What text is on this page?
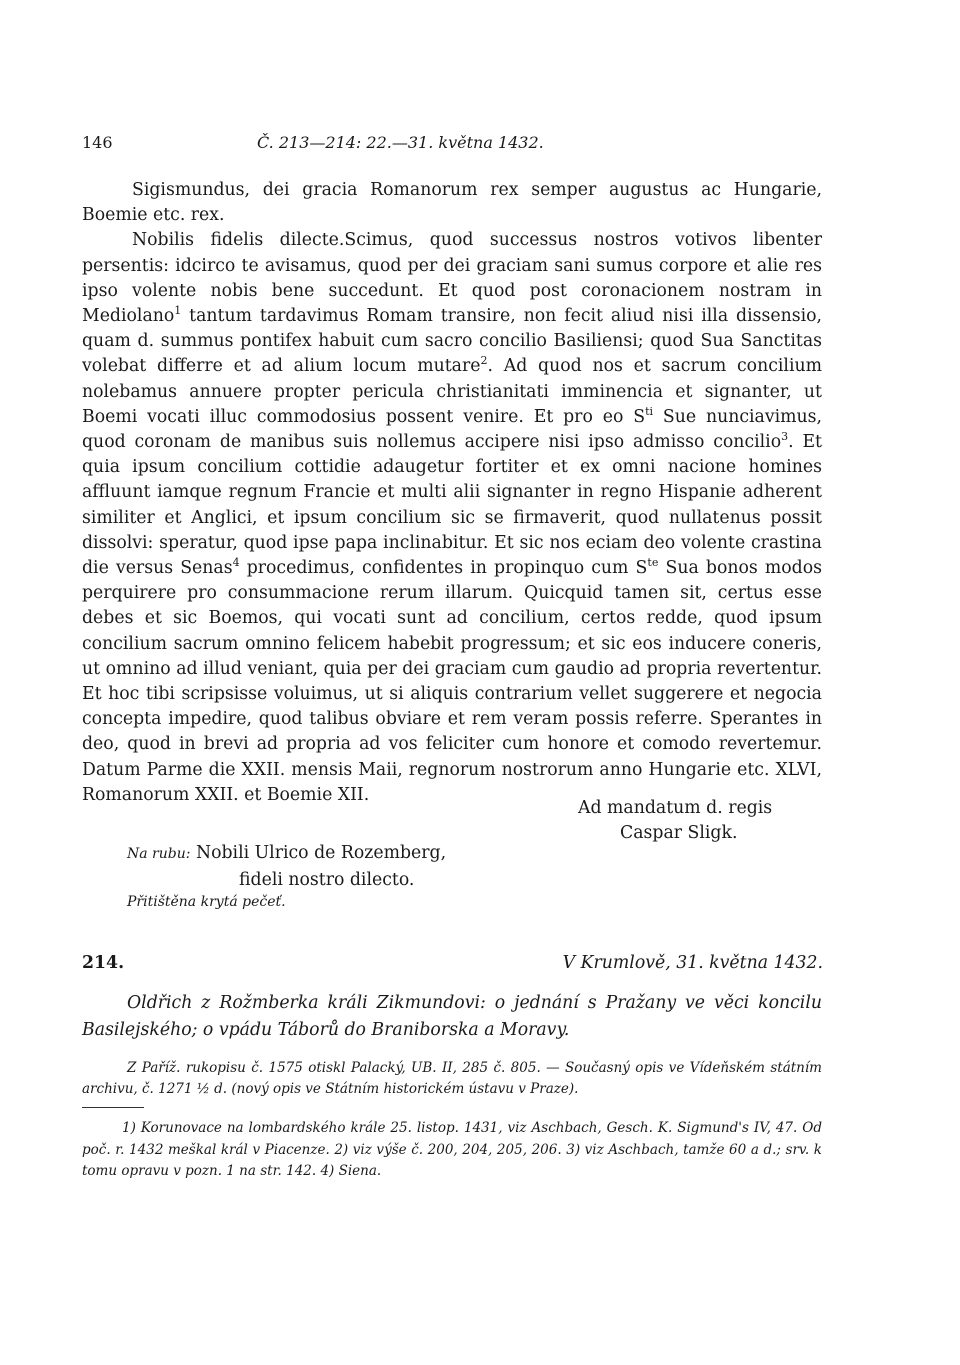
146	Č. 213—214: 22.—31. května 1432.

Sigismundus, dei gracia Romanorum rex semper augustus ac Hungarie, Boemie etc. rex.

Nobilis fidelis dilecte.Scimus, quod successus nostros votivos libenter persentis: idcirco te avisamus, quod per dei graciam sani sumus corpore et alie res ipso volente nobis bene succedunt. Et quod post coronacionem nostram in Mediolano$^1$ tantum tardavimus Romam transire, non fecit aliud nisi illa dissensio, quam d. summus pontifex habuit cum sacro concilio Basiliensi; quod Sua Sanctitas volebat differre et ad alium locum mutare$^2$. Ad quod nos et sacrum concilium nolebamus annuere propter pericula christianitati imminencia et signanter, ut Boemi vocati illuc commodosius possent venire. Et pro eo $S^{ti}$ Sue nunciavimus, quod coronam de manibus suis nollemus accipere nisi ipso admisso concilio$^3$. Et quia ipsum concilium cottidie adaugetur fortiter et ex omni nacione homines affluunt iamque regnum Francie et multi alii signanter in regno Hispanie adherent similiter et Anglici, et ipsum concilium sic se firmaverit, quod nullatenus possit dissolvi: speratur, quod ipse papa inclinabitur. Et sic nos eciam deo volente crastina die versus Senas$^4$ procedimus, confidentes in propinquo cum $S^{te}$ Sua bonos modos perquirere pro consummacione rerum illarum. Quicquid tamen sit, certus esse debes et sic Boemos, qui vocati sunt ad concilium, certos redde, quod ipsum concilium sacrum omnino felicem habebit progressum; et sic eos inducere coneris, ut omnino ad illud veniant, quia per dei graciam cum gaudio ad propria revertentur. Et hoc tibi scripsisse voluimus, ut si aliquis contrarium vellet suggerere et negocia concepta impedire, quod talibus obviare et rem veram possis referre. Sperantes in deo, quod in brevi ad propria ad vos feliciter cum honore et comodo revertemur. Datum Parme die XXII. mensis Maii, regnorum nostrorum anno Hungarie etc. XLVI, Romanorum XXII. et Boemie XII.

Ad mandatum d. regis
Caspar Sligk.
Na rubu: Nobili Ulrico de Rozemberg,
fideli nostro dilecto.
Přitištěna krytá pečeť.
214.	V Krumlově, 31. května 1432.
Oldřich z Rožmberka králi Zikmundovi: o jednání s Pražany ve věci koncilu Basilejského; o vpádu Táborů do Braniborska a Moravy.
Z Paříž. rukopisu č. 1575 otiskl Palacký, UB. II, 285 č. 805. — Současný opis ve Vídeňském státním archivu, č. 1271 ½ d. (nový opis ve Státním historickém ústavu v Praze).
1) Korunovace na lombardského krále 25. listop. 1431, viz Aschbach, Gesch. K. Sigmund's IV, 47. Od poč. r. 1432 meškal král v Piacenze. 2) viz výše č. 200, 204, 205, 206. 3) viz Aschbach, tamže 60 a d.; srv. k tomu opravu v pozn. 1 na str. 142. 4) Siena.
